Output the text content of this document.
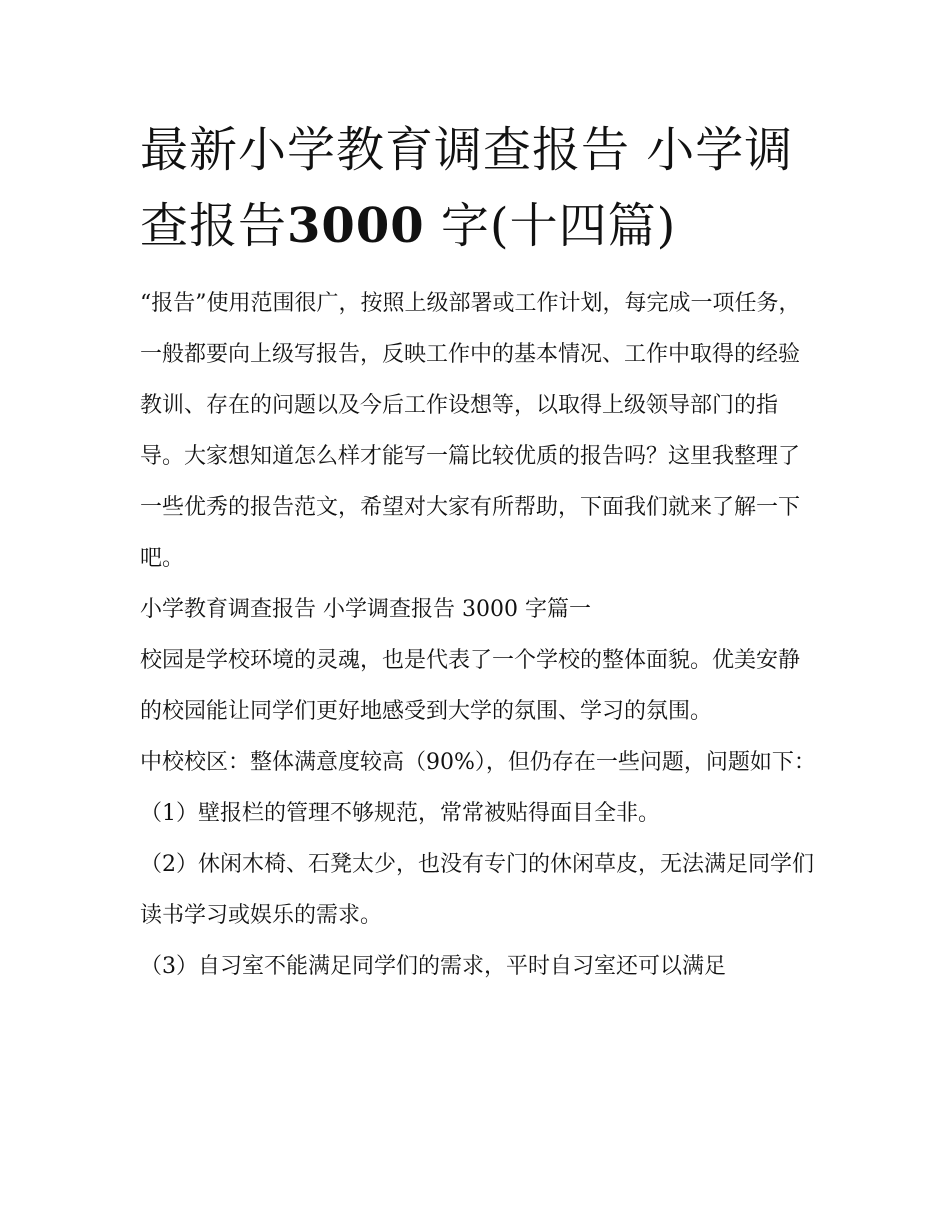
最新小学教育调查报告 小学调查报告3000 字(十四篇)

“报告”使用范围很广，按照上级部署或工作计划，每完成一项任务，一般都要向上级写报告，反映工作中的基本情况、工作中取得的经验教训、存在的问题以及今后工作设想等，以取得上级领导部门的指导。大家想知道怎么样才能写一篇比较优质的报告吗？这里我整理了一些优秀的报告范文，希望对大家有所帮助，下面我们就来了解一下吧。

小学教育调查报告 小学调查报告 3000 字篇一

校园是学校环境的灵魂，也是代表了一个学校的整体面貌。优美安静的校园能让同学们更好地感受到大学的氛围、学习的氛围。

中校校区：整体满意度较高（90%），但仍存在一些问题，问题如下：（1）壁报栏的管理不够规范，常常被贴得面目全非。

（2）休闲木椅、石凳太少，也没有专门的休闲草皮，无法满足同学们读书学习或娱乐的需求。

（3）自习室不能满足同学们的需求，平时自习室还可以满足
